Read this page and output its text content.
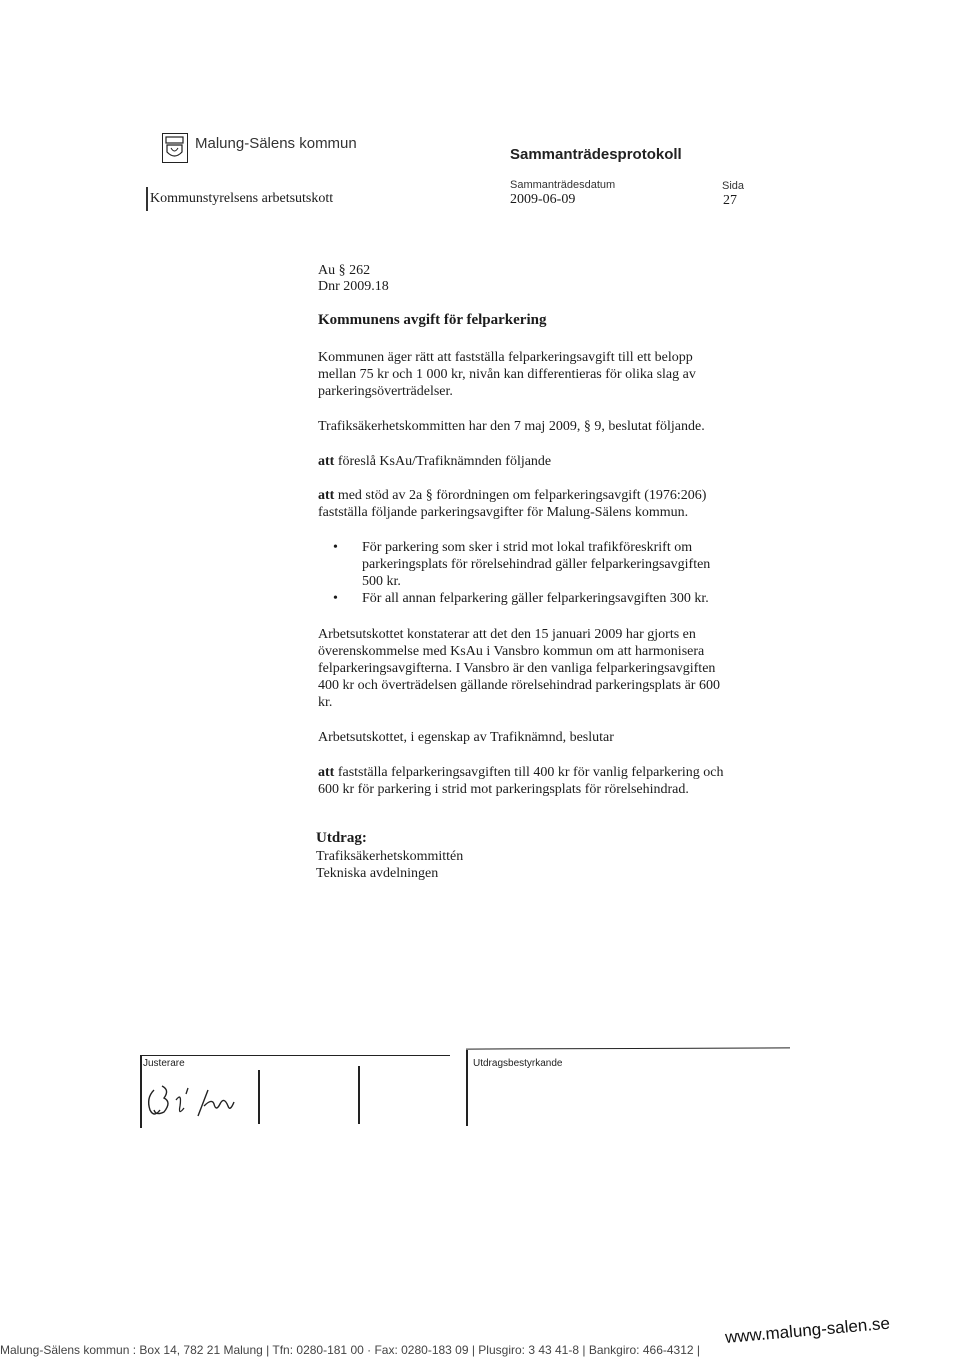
Malung-Sälens kommun
Sammanträdesprotokoll
Kommunstyrelsens arbetsutskott
Sammanträdesdatum
2009-06-09
Sida
27
Au § 262
Dnr 2009.18
Kommunens avgift för felparkering
Kommunen äger rätt att fastställa felparkeringsavgift till ett belopp
mellan 75 kr och 1 000 kr, nivån kan differentieras för olika slag av
parkeringsöverträdelser.
Trafiksäkerhetskommitten har den 7 maj 2009, § 9, beslutat följande.
att föreslå KsAu/Trafiknämnden följande
att med stöd av 2a § förordningen om felparkeringsavgift (1976:206)
fastställa följande parkeringsavgifter för Malung-Sälens kommun.
• För parkering som sker i strid mot lokal trafikföreskrift om
parkeringsplats för rörelsehindrad gäller felparkeringsavgiften
500 kr.
• För all annan felparkering gäller felparkeringsavgiften 300 kr.
Arbetsutskottet konstaterar att det den 15 januari 2009 har gjorts en
överenskommelse med KsAu i Vansbro kommun om att harmonisera
felparkeringsavgifterna. I Vansbro är den vanliga felparkeringsavgiften
400 kr och överträdelsen gällande rörelsehindrad parkeringsplats är 600
kr.
Arbetsutskottet, i egenskap av Trafiknämnd, beslutar
att fastställa felparkeringsavgiften till 400 kr för vanlig felparkering och
600 kr för parkering i strid mot parkeringsplats för rörelsehindrad.
Utdrag:
Trafiksäkerhetskommittén
Tekniska avdelningen
Justerare	Utdragsbestyrkande
Malung-Sälens kommun : Box 14, 782 21 Malung | Tfn: 0280-181 00 · Fax: 0280-183 09 | Plusgiro: 3 43 41-8 | Bankgiro: 466-4312 |
www.malung-salen.se
